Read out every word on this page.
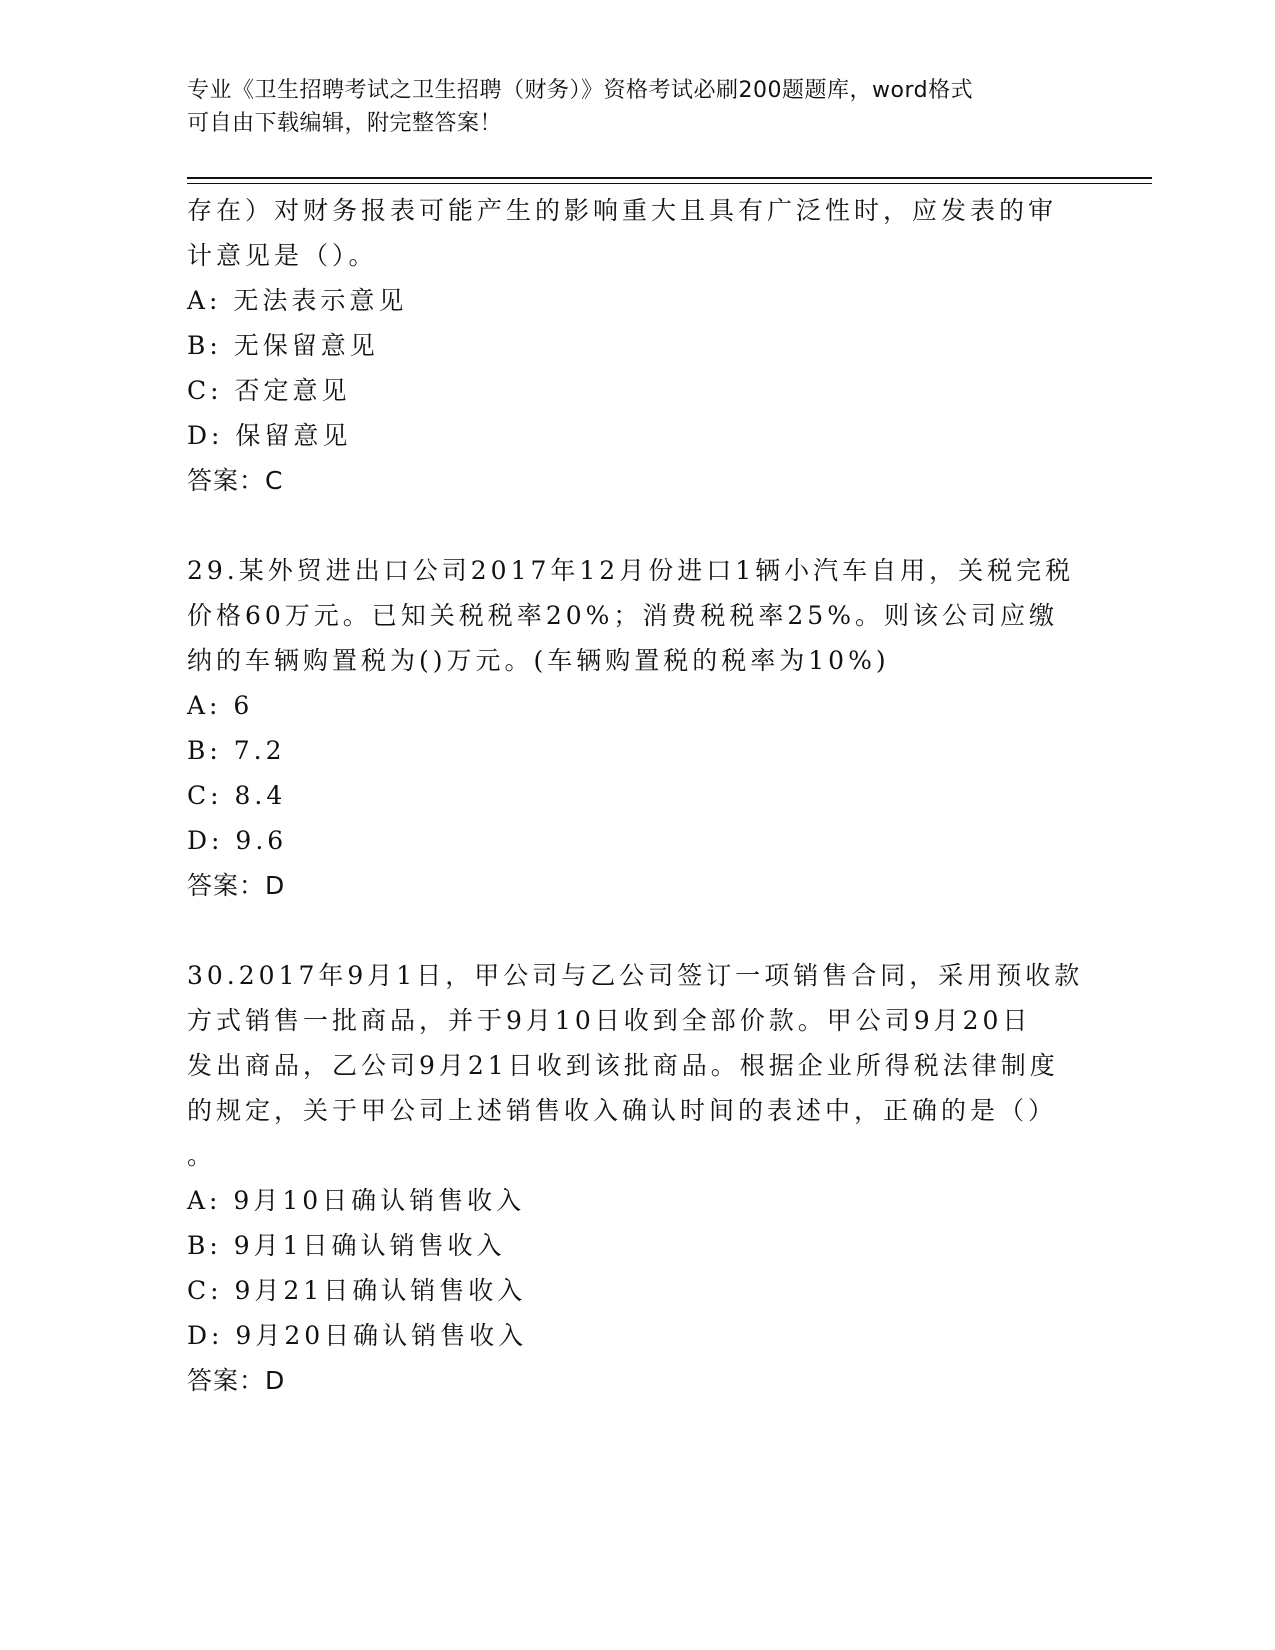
专业《卫生招聘考试之卫生招聘（财务）》资格考试必刷200题题库，word格式
可自由下载编辑，附完整答案！
存在）对财务报表可能产生的影响重大且具有广泛性时，应发表的审
计意见是（）。
A: 无法表示意见
B: 无保留意见
C: 否定意见
D: 保留意见
答案：C
29.某外贸进出口公司2017年12月份进口1辆小汽车自用，关税完税
价格60万元。已知关税税率20%；消费税税率25%。则该公司应缴
纳的车辆购置税为()万元。(车辆购置税的税率为10%)
A: 6
B: 7.2
C: 8.4
D: 9.6
答案：D
30.2017年9月1日，甲公司与乙公司签订一项销售合同，采用预收款
方式销售一批商品，并于9月10日收到全部价款。甲公司9月20日
发出商品，乙公司9月21日收到该批商品。根据企业所得税法律制度
的规定，关于甲公司上述销售收入确认时间的表述中，正确的是（）
。
A: 9月10日确认销售收入
B: 9月1日确认销售收入
C: 9月21日确认销售收入
D: 9月20日确认销售收入
答案：D
